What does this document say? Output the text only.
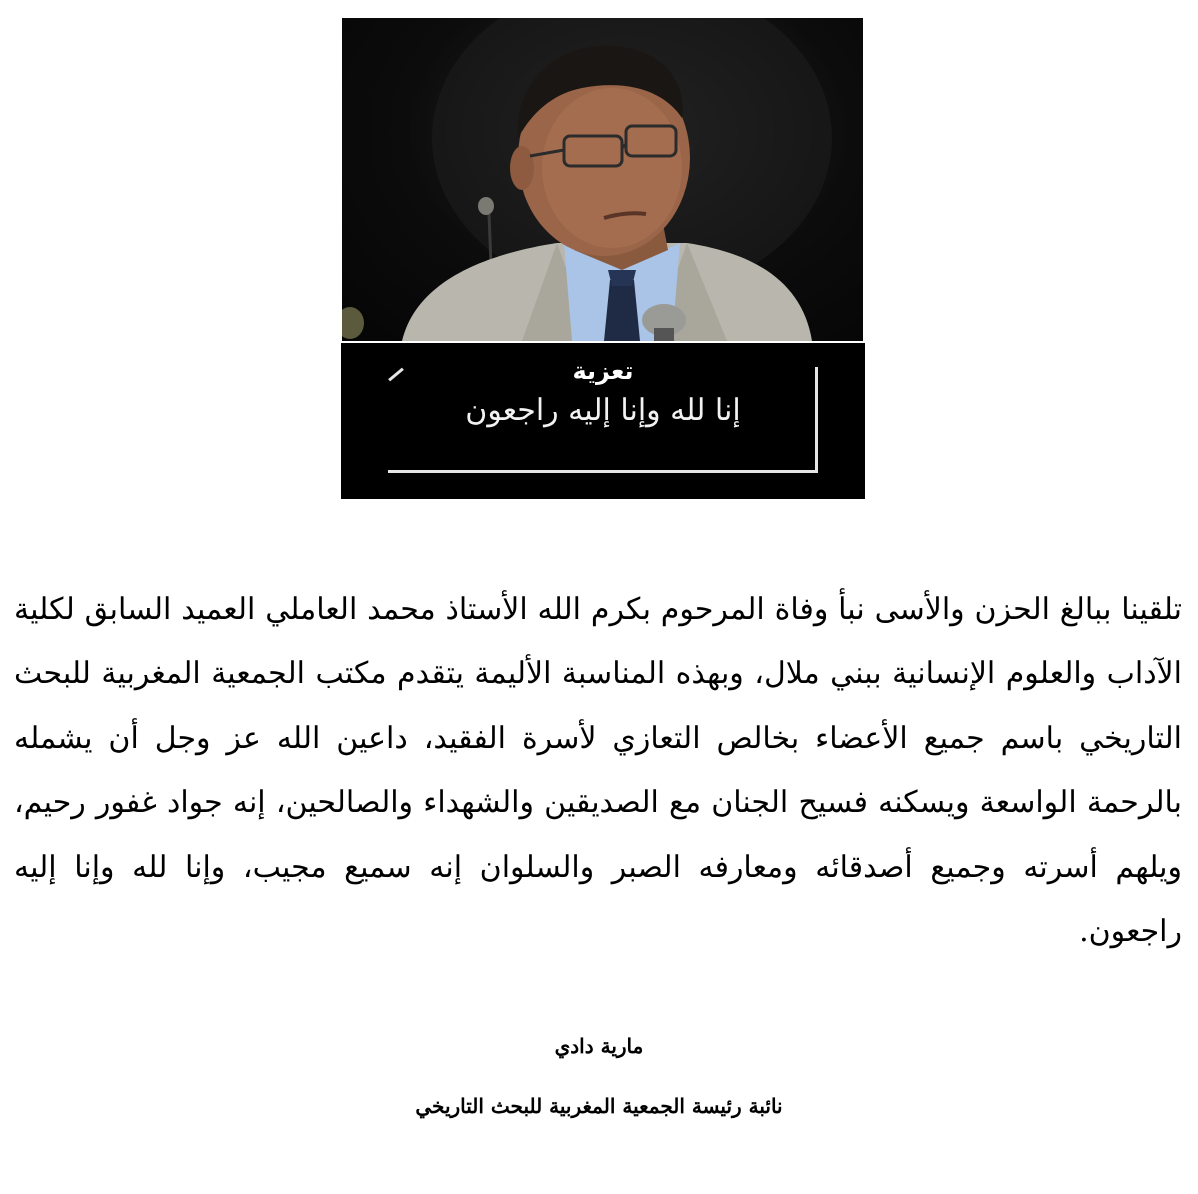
تعزية
إنا لله وإنا إليه راجعون

تلقينا ببالغ الحزن والأسى نبأ وفاة المرحوم بكرم الله الأستاذ محمد العاملي العميد السابق لكلية الآداب والعلوم الإنسانية ببني ملال، وبهذه المناسبة الأليمة يتقدم مكتب الجمعية المغربية للبحث التاريخي باسم جميع الأعضاء بخالص التعازي لأسرة الفقيد، داعين الله عز وجل أن يشمله بالرحمة الواسعة ويسكنه فسيح الجنان مع الصديقين والشهداء والصالحين، إنه جواد غفور رحيم، ويلهم أسرته وجميع أصدقائه ومعارفه الصبر والسلوان إنه سميع مجيب، وإنا لله وإنا إليه راجعون.

مارية دادي
نائبة رئيسة الجمعية المغربية للبحث التاريخي
